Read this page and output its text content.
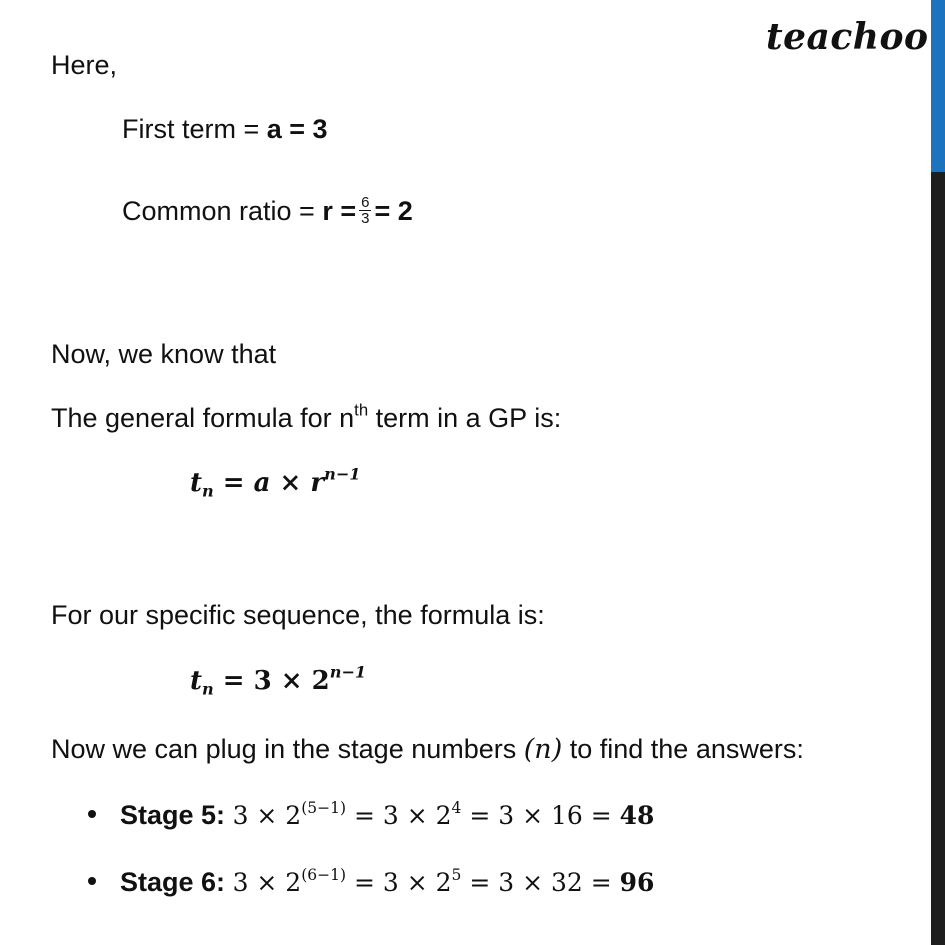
teachoo
Here,
First term = a = 3
Common ratio = $r = \frac{6}{3} = 2$
Now, we know that
The general formula for $n^{th}$ term in a GP is:
$t_n = a \times r^{n-1}$
For our specific sequence, the formula is:
$t_n = 3 \times 2^{n-1}$
Now we can plug in the stage numbers (n) to find the answers:
Stage 5: $3 \times 2^{(5-1)} = 3 \times 2^4 = 3 \times 16 = 48$
Stage 6: $3 \times 2^{(6-1)} = 3 \times 2^5 = 3 \times 32 = 96$
